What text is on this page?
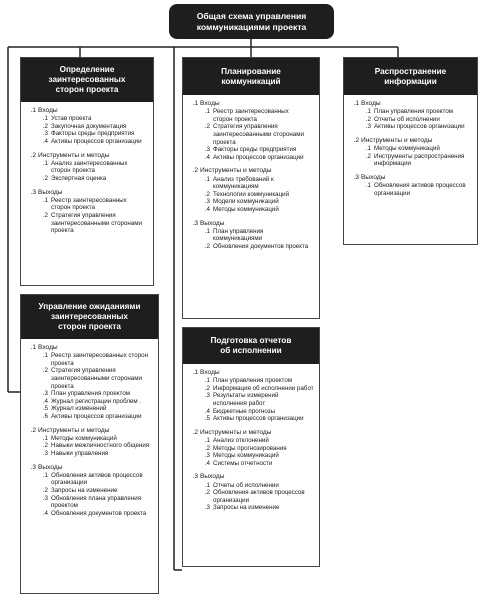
Общая схема управления
коммуникациями проекта
Определение
заинтересованных
сторон проекта
.1 Входы
.1 Устав проекта
.2 Закупочная документация
.3 Факторы среды предприятия
.4 Активы процессов организации
.2 Инструменты и методы
.1 Анализ заинтересованных
сторон проекта
.2 Экспертная оценка
.3 Выходы
.1 Реестр заинтересованных
сторон проекта
.2 Стратегия управления
заинтересованными сторонами
проекта
Планирование
коммуникаций
.1 Входы
.1 Реестр заинтересованных
сторон проекта
.2 Стратегия управления
заинтересованными сторонами
проекта
.3 Факторы среды предприятия
.4 Активы процессов организации
.2 Инструменты и методы
.1 Анализ требований к
коммуникациям
.2 Технологии коммуникаций
.3 Модели коммуникаций
.4 Методы коммуникаций
.3 Выходы
.1 План управления
коммуникациями
.2 Обновления документов проекта
Распространение
информации
.1 Входы
.1 План управления проектом
.2 Отчеты об исполнении
.3 Активы процессов организации
.2 Инструменты и методы
.1 Методы коммуникаций
.2 Инструменты распространения
информации
.3 Выходы
.1 Обновления активов процессов
организации
Управление ожиданиями
заинтересованных
сторон проекта
.1 Входы
.1 Реестр заинтересованных сторон
проекта
.2 Стратегия управления
заинтересованными сторонами
проекта
.3 План управления проектом
.4 Журнал регистрации проблем .
.5 Журнал изменений
.6 Активы процессов организации
.2 Инструменты и методы
.1 Методы коммуникаций
.2 Навыки межличностного общения
.3 Навыки управления
.3 Выходы
.1 Обновления активов процессов
организации
.2 Запросы на изменение
.3 Обновления плана управления
проектом
.4 Обновления документов проекта
Подготовка отчетов
об исполнении
.1 Входы
.1 План управления проектом
.2 Информация об исполнении работ
.3 Результаты измерений
исполнения работ
.4 Бюджетные прогнозы
.5 Активы процессов организации
.2 Инструменты и методы
.1 Анализ отклонений
.2 Методы прогнозирования
.3 Методы коммуникаций
.4 Системы отчетности
.3 Выходы
.1 Отчеты об исполнении
.2 Обновления активов процессов
организации
.3 Запросы на изменение
